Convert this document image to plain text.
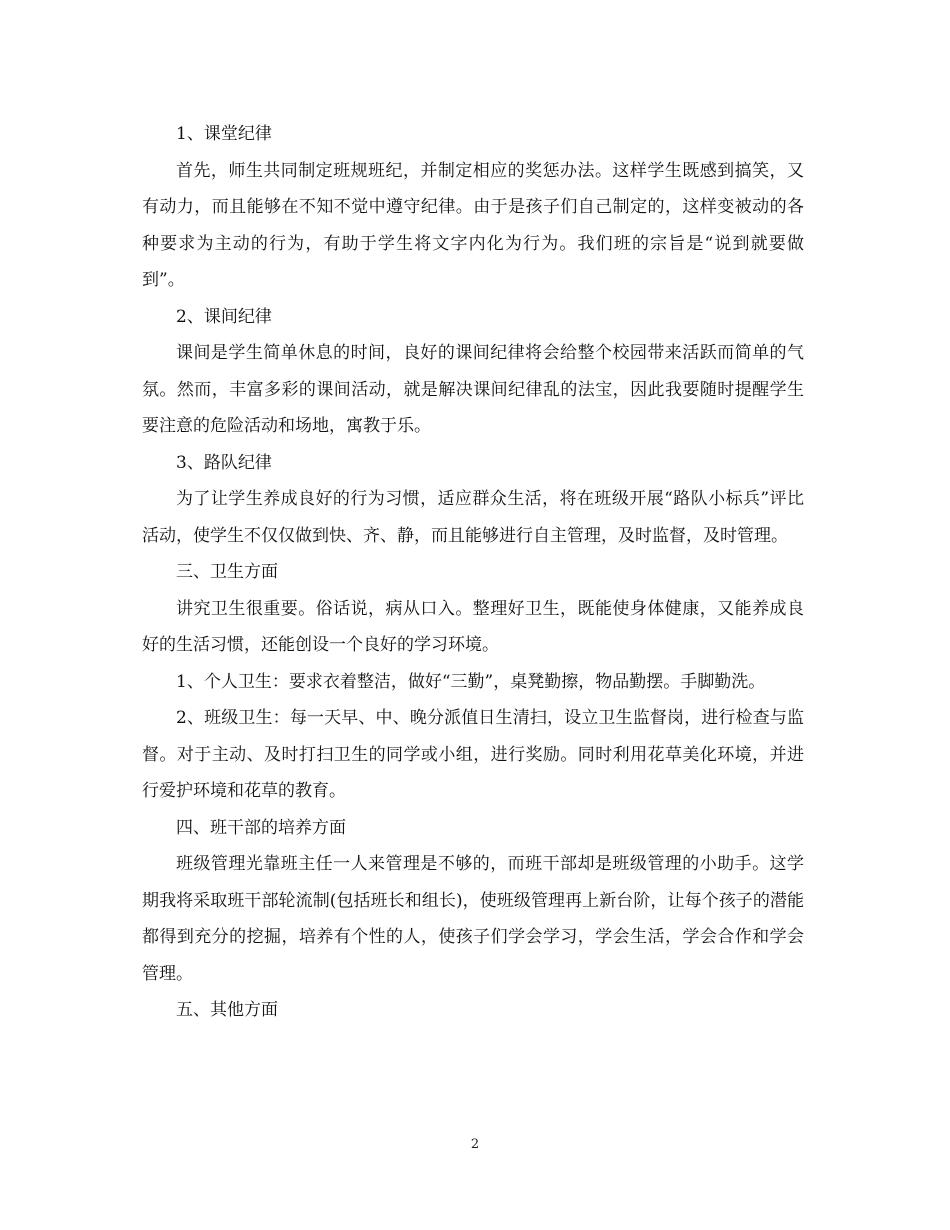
1、课堂纪律

首先，师生共同制定班规班纪，并制定相应的奖惩办法。这样学生既感到搞笑，又有动力，而且能够在不知不觉中遵守纪律。由于是孩子们自己制定的，这样变被动的各种要求为主动的行为，有助于学生将文字内化为行为。我们班的宗旨是“说到就要做到”。

2、课间纪律

课间是学生简单休息的时间，良好的课间纪律将会给整个校园带来活跃而简单的气氛。然而，丰富多彩的课间活动，就是解决课间纪律乱的法宝，因此我要随时提醒学生要注意的危险活动和场地，寓教于乐。

3、路队纪律

为了让学生养成良好的行为习惯，适应群众生活，将在班级开展“路队小标兵”评比活动，使学生不仅仅做到快、齐、静，而且能够进行自主管理，及时监督，及时管理。

三、卫生方面

讲究卫生很重要。俗话说，病从口入。整理好卫生，既能使身体健康，又能养成良好的生活习惯，还能创设一个良好的学习环境。

1、个人卫生：要求衣着整洁，做好“三勤”，桌凳勤擦，物品勤摆。手脚勤洗。

2、班级卫生：每一天早、中、晚分派值日生清扫，设立卫生监督岗，进行检查与监督。对于主动、及时打扫卫生的同学或小组，进行奖励。同时利用花草美化环境，并进行爱护环境和花草的教育。

四、班干部的培养方面

班级管理光靠班主任一人来管理是不够的，而班干部却是班级管理的小助手。这学期我将采取班干部轮流制(包括班长和组长)，使班级管理再上新台阶，让每个孩子的潜能都得到充分的挖掘，培养有个性的人，使孩子们学会学习，学会生活，学会合作和学会管理。

五、其他方面

2
